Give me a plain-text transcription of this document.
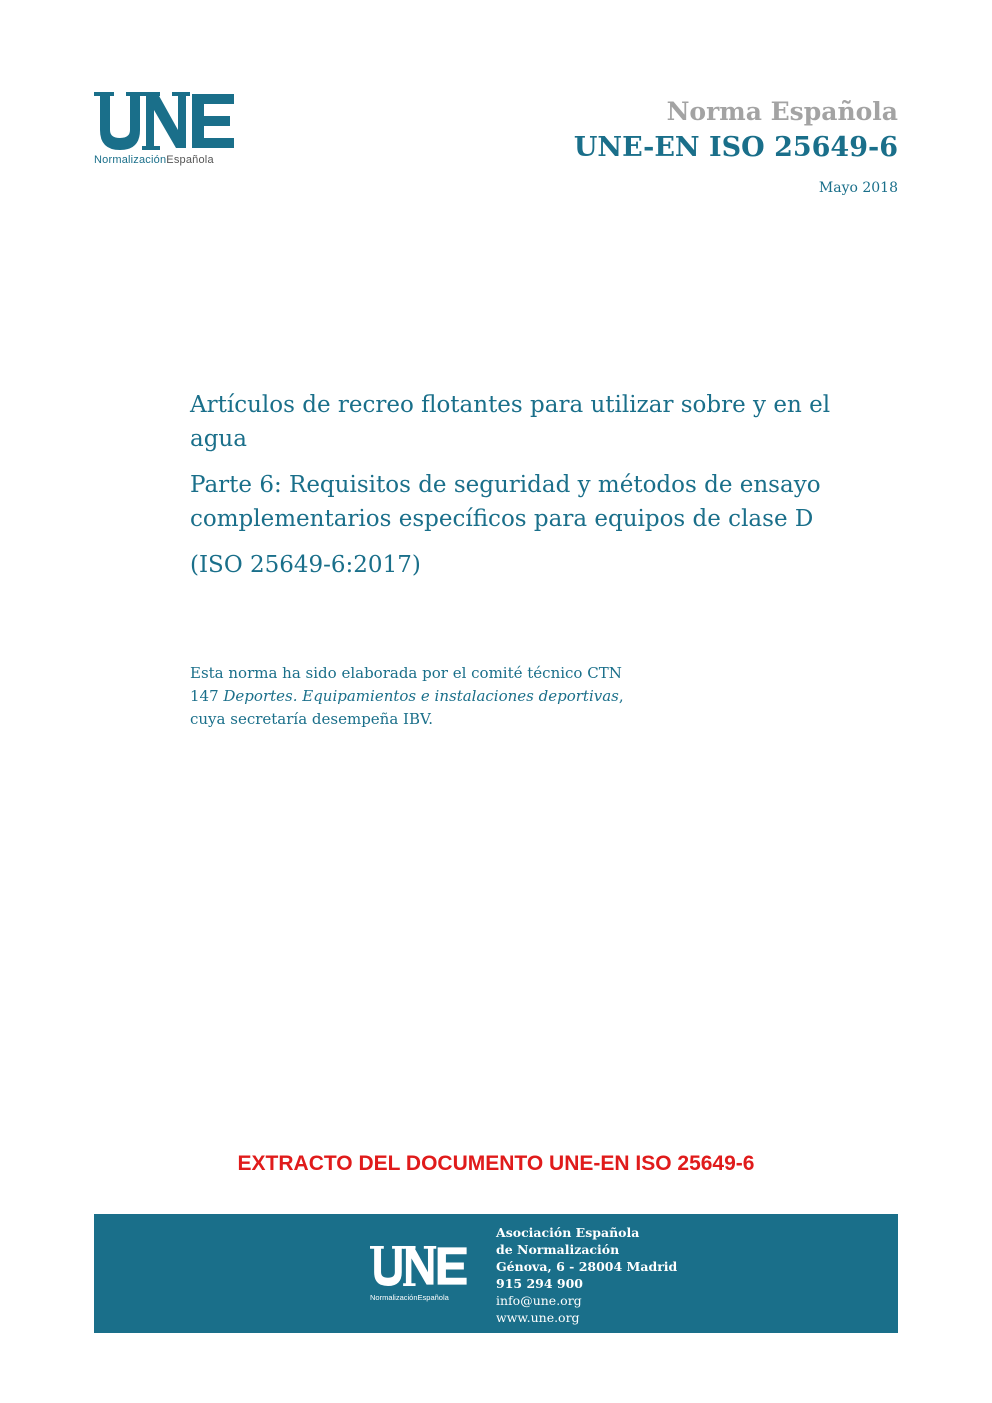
NormalizaciónEspañola
Norma Española
UNE-EN ISO 25649-6
Mayo 2018
Artículos de recreo flotantes para utilizar sobre y en el agua
Parte 6: Requisitos de seguridad y métodos de ensayo complementarios específicos para equipos de clase D
(ISO 25649-6:2017)
Esta norma ha sido elaborada por el comité técnico CTN 147 Deportes. Equipamientos e instalaciones deportivas, cuya secretaría desempeña IBV.
EXTRACTO DEL DOCUMENTO UNE-EN ISO 25649-6
NormalizaciónEspañola
Asociación Española
de Normalización
Génova, 6 - 28004 Madrid
915 294 900
info@une.org
www.une.org
